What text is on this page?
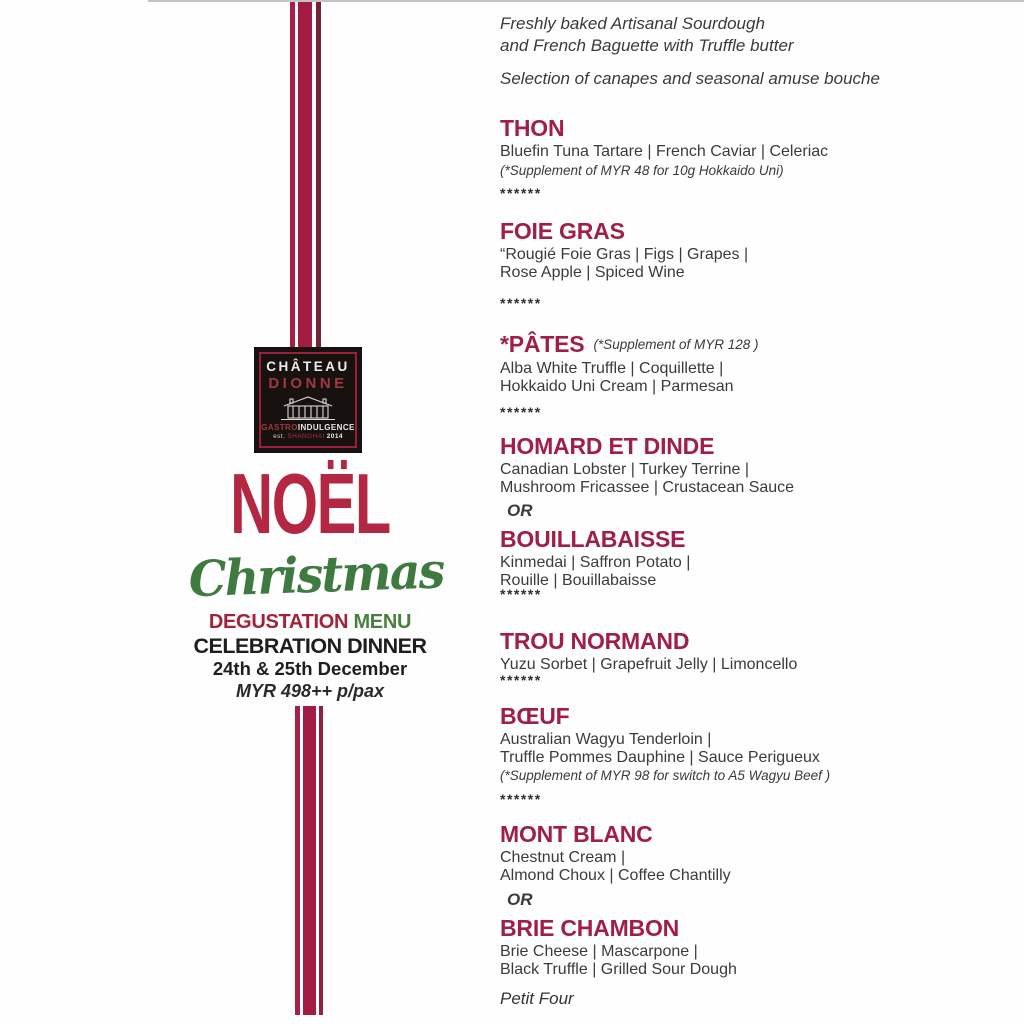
CHÂTEAU
DIONNE
GASTROINDULGENCE
est. SHANGHAI 2014
NOËL
Christmas
DEGUSTATION MENU
CELEBRATION DINNER
24th & 25th December
MYR 498++ p/pax
Freshly baked Artisanal Sourdough
and French Baguette with Truffle butter
Selection of canapes and seasonal amuse bouche
THON
Bluefin Tuna Tartare | French Caviar | Celeriac
(*Supplement of MYR 48 for 10g Hokkaido Uni)
******
FOIE GRAS
“Rougié Foie Gras | Figs | Grapes |
Rose Apple | Spiced Wine
******
*PÂTES (*Supplement of MYR 128 )
Alba White Truffle | Coquillette |
Hokkaido Uni Cream | Parmesan
******
HOMARD ET DINDE
Canadian Lobster | Turkey Terrine |
Mushroom Fricassee | Crustacean Sauce
OR
BOUILLABAISSE
Kinmedai | Saffron Potato |
Rouille | Bouillabaisse
******
TROU NORMAND
Yuzu Sorbet | Grapefruit Jelly | Limoncello
******
BŒUF
Australian Wagyu Tenderloin |
Truffle Pommes Dauphine | Sauce Perigueux
(*Supplement of MYR 98 for switch to A5 Wagyu Beef )
******
MONT BLANC
Chestnut Cream |
Almond Choux | Coffee Chantilly
OR
BRIE CHAMBON
Brie Cheese | Mascarpone |
Black Truffle | Grilled Sour Dough
Petit Four
